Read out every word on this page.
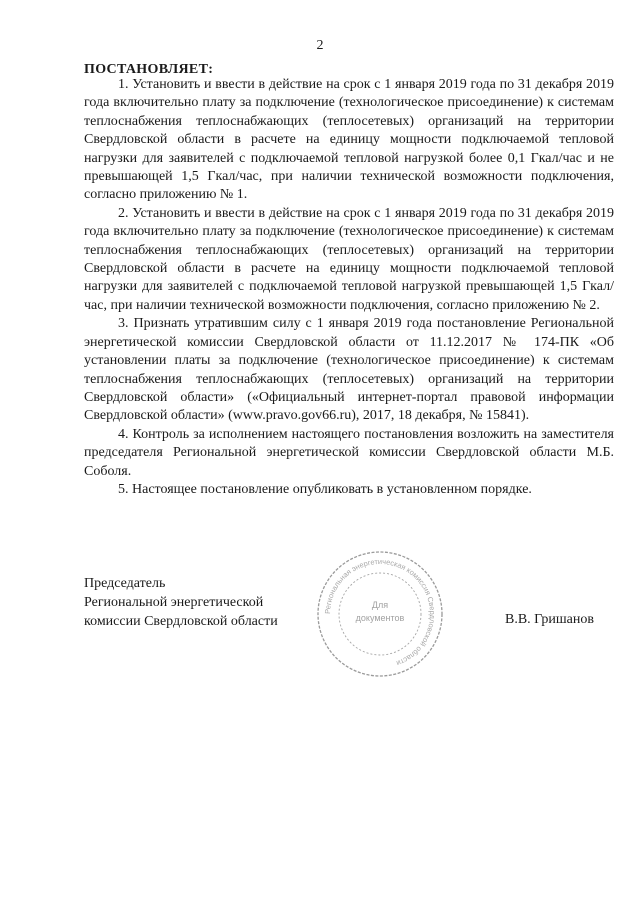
2
ПОСТАНОВЛЯЕТ:

1. Установить и ввести в действие на срок с 1 января 2019 года по 31 декабря 2019 года включительно плату за подключение (технологическое присоединение) к системам теплоснабжения теплоснабжающих (теплосетевых) организаций на территории Свердловской области в расчете на единицу мощности подключаемой тепловой нагрузки для заявителей с подключаемой тепловой нагрузкой более 0,1 Гкал/час и не превышающей 1,5 Гкал/час, при наличии технической возможности подключения, согласно приложению № 1.

2. Установить и ввести в действие на срок с 1 января 2019 года по 31 декабря 2019 года включительно плату за подключение (технологическое присоединение) к системам теплоснабжения теплоснабжающих (теплосетевых) организаций на территории Свердловской области в расчете на единицу мощности подключаемой тепловой нагрузки для заявителей с подключаемой тепловой нагрузкой превышающей 1,5 Гкал/час, при наличии технической возможности подключения, согласно приложению № 2.

3. Признать утратившим силу с 1 января 2019 года постановление Региональной энергетической комиссии Свердловской области от 11.12.2017 № 174-ПК «Об установлении платы за подключение (технологическое присоединение) к системам теплоснабжения теплоснабжающих (теплосетевых) организаций на территории Свердловской области» («Официальный интернет-портал правовой информации Свердловской области» (www.pravo.gov66.ru), 2017, 18 декабря, № 15841).

4. Контроль за исполнением настоящего постановления возложить на заместителя председателя Региональной энергетической комиссии Свердловской области М.Б. Соболя.

5. Настоящее постановление опубликовать в установленном порядке.

Председатель
Региональной энергетической
комиссии Свердловской области
Региональная энергетическая комиссия Свердловской области
Для
документов	В.В. Гришанов
